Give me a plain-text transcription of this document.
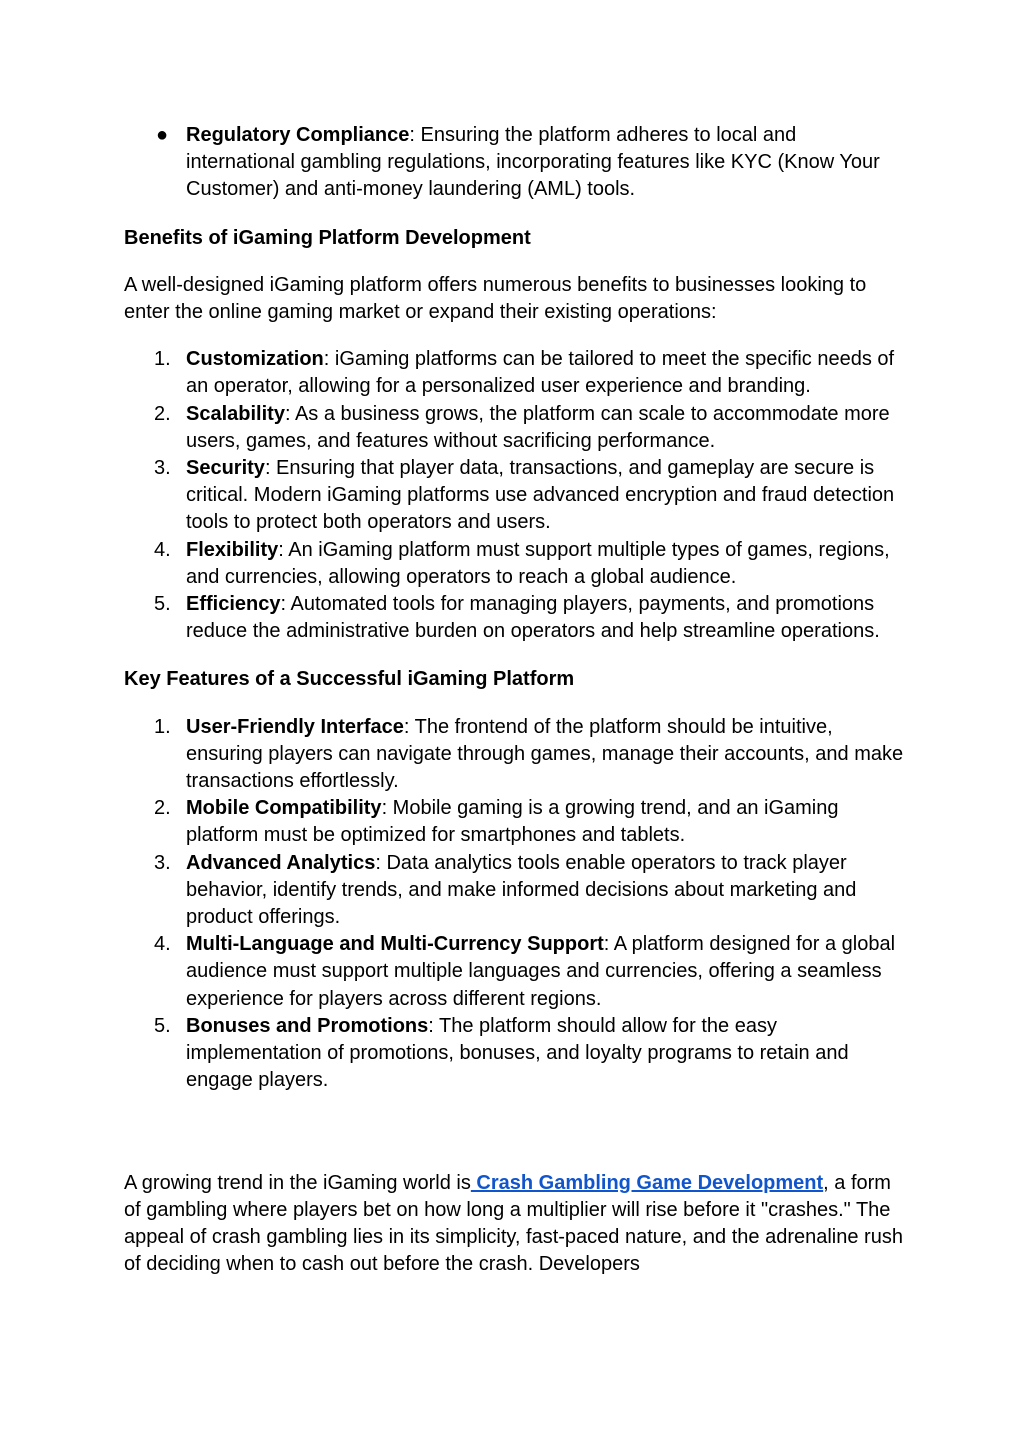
● Regulatory Compliance: Ensuring the platform adheres to local and international gambling regulations, incorporating features like KYC (Know Your Customer) and anti-money laundering (AML) tools.
Benefits of iGaming Platform Development

A well-designed iGaming platform offers numerous benefits to businesses looking to enter the online gaming market or expand their existing operations:

1. Customization: iGaming platforms can be tailored to meet the specific needs of an operator, allowing for a personalized user experience and branding.
2. Scalability: As a business grows, the platform can scale to accommodate more users, games, and features without sacrificing performance.
3. Security: Ensuring that player data, transactions, and gameplay are secure is critical. Modern iGaming platforms use advanced encryption and fraud detection tools to protect both operators and users.
4. Flexibility: An iGaming platform must support multiple types of games, regions, and currencies, allowing operators to reach a global audience.
5. Efficiency: Automated tools for managing players, payments, and promotions reduce the administrative burden on operators and help streamline operations.
Key Features of a Successful iGaming Platform
1. User-Friendly Interface: The frontend of the platform should be intuitive, ensuring players can navigate through games, manage their accounts, and make transactions effortlessly.
2. Mobile Compatibility: Mobile gaming is a growing trend, and an iGaming platform must be optimized for smartphones and tablets.
3. Advanced Analytics: Data analytics tools enable operators to track player behavior, identify trends, and make informed decisions about marketing and product offerings.
4. Multi-Language and Multi-Currency Support: A platform designed for a global audience must support multiple languages and currencies, offering a seamless experience for players across different regions.
5. Bonuses and Promotions: The platform should allow for the easy implementation of promotions, bonuses, and loyalty programs to retain and engage players.

A growing trend in the iGaming world is Crash Gambling Game Development, a form of gambling where players bet on how long a multiplier will rise before it "crashes." The appeal of crash gambling lies in its simplicity, fast-paced nature, and the adrenaline rush of deciding when to cash out before the crash. Developers
